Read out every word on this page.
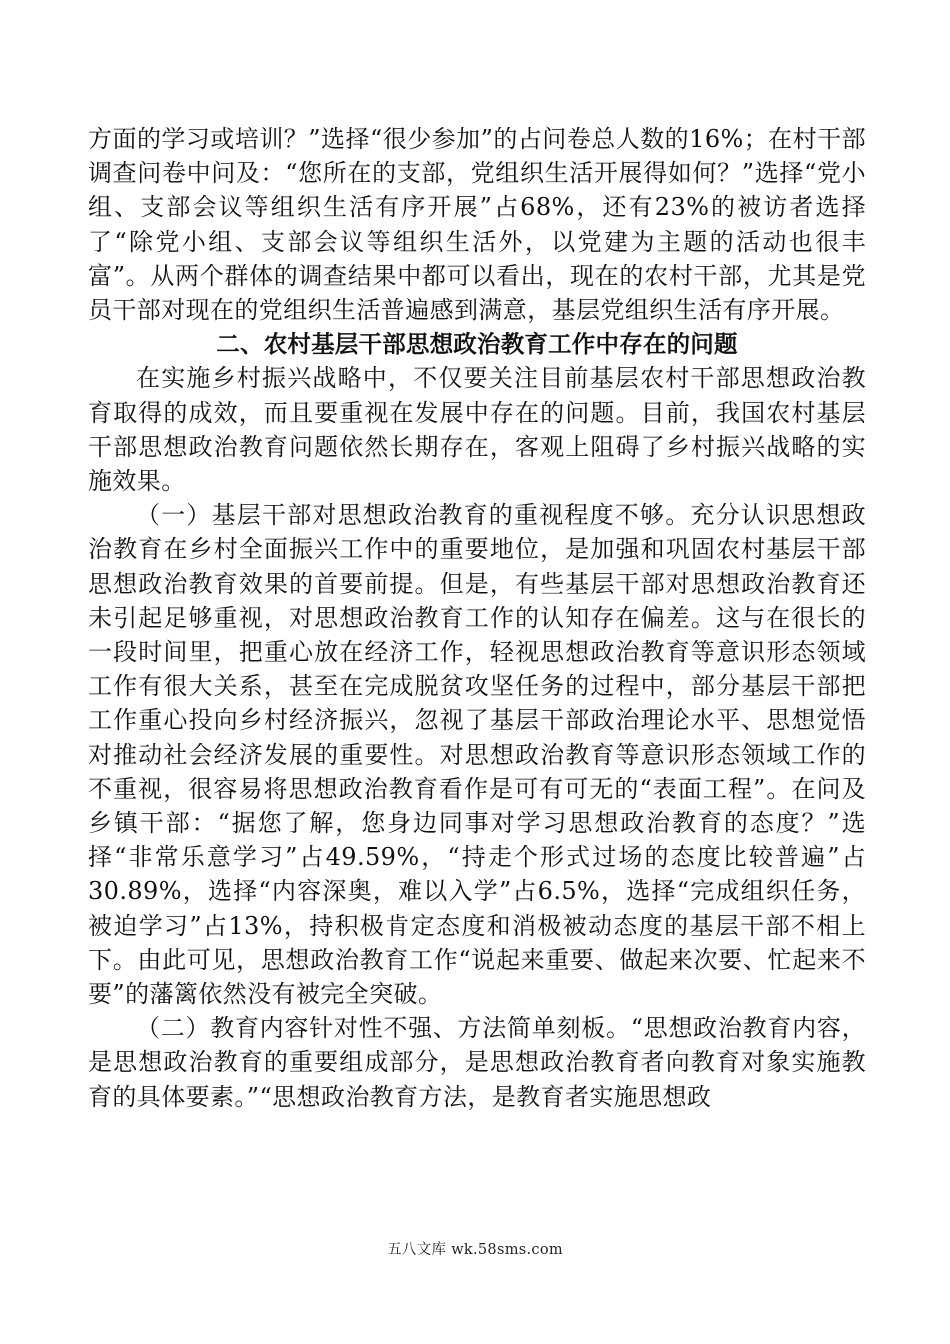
方面的学习或培训？”选择“很少参加”的占问卷总人数的16%；在村干部调查问卷中问及：“您所在的支部，党组织生活开展得如何？”选择“党小组、支部会议等组织生活有序开展”占68%，还有23%的被访者选择了“除党小组、支部会议等组织生活外，以党建为主题的活动也很丰富”。从两个群体的调查结果中都可以看出，现在的农村干部，尤其是党员干部对现在的党组织生活普遍感到满意，基层党组织生活有序开展。

二、农村基层干部思想政治教育工作中存在的问题

在实施乡村振兴战略中，不仅要关注目前基层农村干部思想政治教育取得的成效，而且要重视在发展中存在的问题。目前，我国农村基层干部思想政治教育问题依然长期存在，客观上阻碍了乡村振兴战略的实施效果。

（一）基层干部对思想政治教育的重视程度不够。充分认识思想政治教育在乡村全面振兴工作中的重要地位，是加强和巩固农村基层干部思想政治教育效果的首要前提。但是，有些基层干部对思想政治教育还未引起足够重视，对思想政治教育工作的认知存在偏差。这与在很长的一段时间里，把重心放在经济工作，轻视思想政治教育等意识形态领域工作有很大关系，甚至在完成脱贫攻坚任务的过程中，部分基层干部把工作重心投向乡村经济振兴，忽视了基层干部政治理论水平、思想觉悟对推动社会经济发展的重要性。对思想政治教育等意识形态领域工作的不重视，很容易将思想政治教育看作是可有可无的“表面工程”。在问及乡镇干部：“据您了解，您身边同事对学习思想政治教育的态度？”选择“非常乐意学习”占49.59%，“持走个形式过场的态度比较普遍”占30.89%，选择“内容深奥，难以入学”占6.5%，选择“完成组织任务，被迫学习”占13%，持积极肯定态度和消极被动态度的基层干部不相上下。由此可见，思想政治教育工作“说起来重要、做起来次要、忙起来不要”的藩篱依然没有被完全突破。

（二）教育内容针对性不强、方法简单刻板。“思想政治教育内容，是思想政治教育的重要组成部分，是思想政治教育者向教育对象实施教育的具体要素。”“思想政治教育方法，是教育者实施思想政

五八文库 wk.58sms.com
